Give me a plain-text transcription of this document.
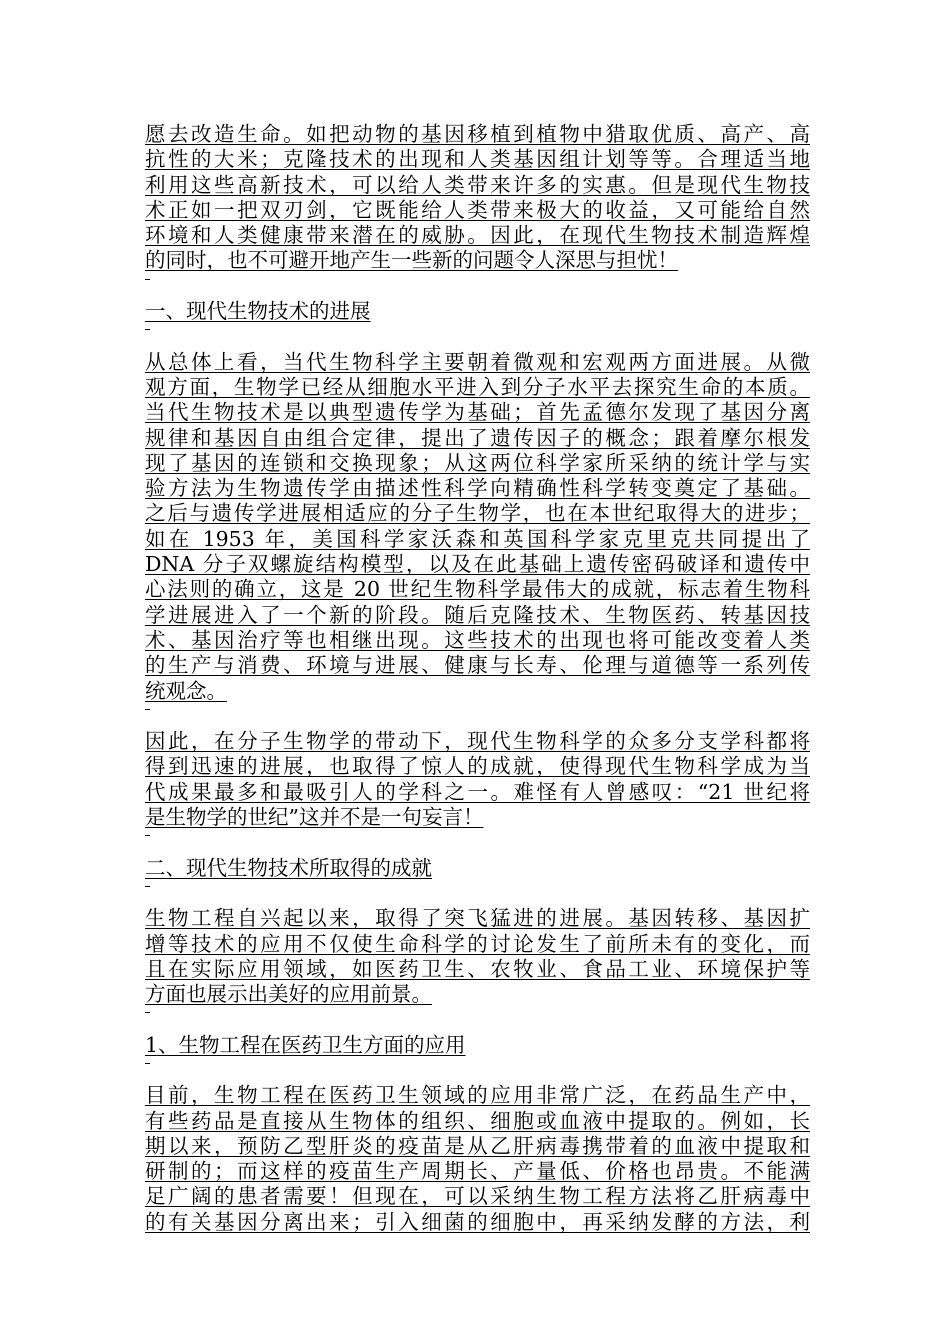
愿去改造生命。如把动物的基因移植到植物中猎取优质、高产、高
抗性的大米；克隆技术的出现和人类基因组计划等等。合理适当地
利用这些高新技术，可以给人类带来许多的实惠。但是现代生物技
术正如一把双刃剑，它既能给人类带来极大的收益，又可能给自然
环境和人类健康带来潜在的威胁。因此，在现代生物技术制造辉煌
的同时，也不可避开地产生一些新的问题令人深思与担忧！
一、现代生物技术的进展
从总体上看，当代生物科学主要朝着微观和宏观两方面进展。从微
观方面，生物学已经从细胞水平进入到分子水平去探究生命的本质。
当代生物技术是以典型遗传学为基础；首先孟德尔发现了基因分离
规律和基因自由组合定律，提出了遗传因子的概念；跟着摩尔根发
现了基因的连锁和交换现象；从这两位科学家所采纳的统计学与实
验方法为生物遗传学由描述性科学向精确性科学转变奠定了基础。
之后与遗传学进展相适应的分子生物学，也在本世纪取得大的进步；
如在 1953 年，美国科学家沃森和英国科学家克里克共同提出了
DNA 分子双螺旋结构模型，以及在此基础上遗传密码破译和遗传中
心法则的确立，这是 20 世纪生物科学最伟大的成就，标志着生物科
学进展进入了一个新的阶段。随后克隆技术、生物医药、转基因技
术、基因治疗等也相继出现。这些技术的出现也将可能改变着人类
的生产与消费、环境与进展、健康与长寿、伦理与道德等一系列传
统观念。
因此，在分子生物学的带动下，现代生物科学的众多分支学科都将
得到迅速的进展，也取得了惊人的成就，使得现代生物科学成为当
代成果最多和最吸引人的学科之一。难怪有人曾感叹：“21 世纪将
是生物学的世纪”这并不是一句妄言！
二、现代生物技术所取得的成就
生物工程自兴起以来，取得了突飞猛进的进展。基因转移、基因扩
增等技术的应用不仅使生命科学的讨论发生了前所未有的变化，而
且在实际应用领域，如医药卫生、农牧业、食品工业、环境保护等
方面也展示出美好的应用前景。
1、生物工程在医药卫生方面的应用
目前，生物工程在医药卫生领域的应用非常广泛，在药品生产中，
有些药品是直接从生物体的组织、细胞或血液中提取的。例如，长
期以来，预防乙型肝炎的疫苗是从乙肝病毒携带着的血液中提取和
研制的；而这样的疫苗生产周期长、产量低、价格也昂贵。不能满
足广阔的患者需要！但现在，可以采纳生物工程方法将乙肝病毒中
的有关基因分离出来；引入细菌的细胞中，再采纳发酵的方法，利
